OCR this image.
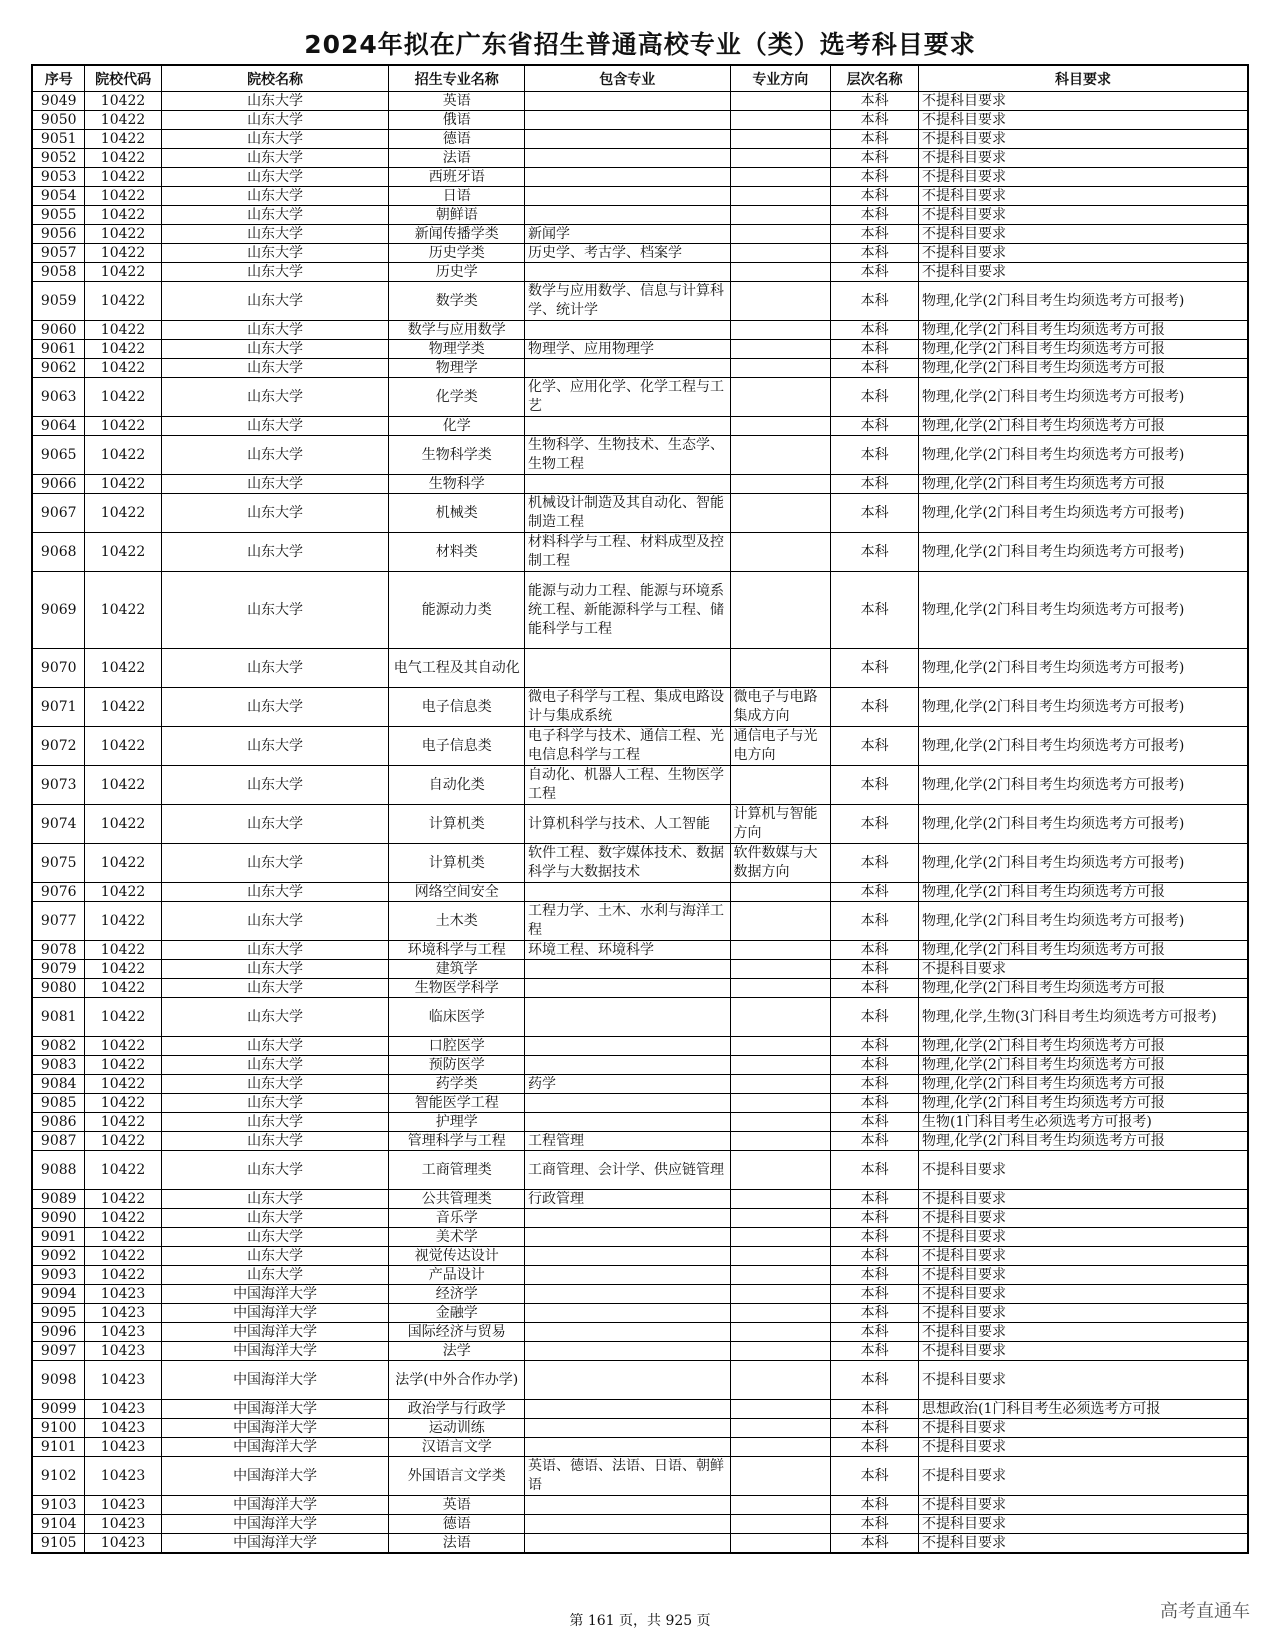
2024年拟在广东省招生普通高校专业（类）选考科目要求
序号	院校代码	院校名称	招生专业名称	包含专业	专业方向	层次名称	科目要求
9049	10422	山东大学	英语			本科	不提科目要求
9050	10422	山东大学	俄语			本科	不提科目要求
9051	10422	山东大学	德语			本科	不提科目要求
9052	10422	山东大学	法语			本科	不提科目要求
9053	10422	山东大学	西班牙语			本科	不提科目要求
9054	10422	山东大学	日语			本科	不提科目要求
9055	10422	山东大学	朝鲜语			本科	不提科目要求
9056	10422	山东大学	新闻传播学类	新闻学		本科	不提科目要求
9057	10422	山东大学	历史学类	历史学、考古学、档案学		本科	不提科目要求
9058	10422	山东大学	历史学			本科	不提科目要求
9059	10422	山东大学	数学类	数学与应用数学、信息与计算科学、统计学		本科	物理,化学(2门科目考生均须选考方可报考)
9060	10422	山东大学	数学与应用数学			本科	物理,化学(2门科目考生均须选考方可报
9061	10422	山东大学	物理学类	物理学、应用物理学		本科	物理,化学(2门科目考生均须选考方可报
9062	10422	山东大学	物理学			本科	物理,化学(2门科目考生均须选考方可报
9063	10422	山东大学	化学类	化学、应用化学、化学工程与工艺		本科	物理,化学(2门科目考生均须选考方可报考)
9064	10422	山东大学	化学			本科	物理,化学(2门科目考生均须选考方可报
9065	10422	山东大学	生物科学类	生物科学、生物技术、生态学、生物工程		本科	物理,化学(2门科目考生均须选考方可报考)
9066	10422	山东大学	生物科学			本科	物理,化学(2门科目考生均须选考方可报
9067	10422	山东大学	机械类	机械设计制造及其自动化、智能制造工程		本科	物理,化学(2门科目考生均须选考方可报考)
9068	10422	山东大学	材料类	材料科学与工程、材料成型及控制工程		本科	物理,化学(2门科目考生均须选考方可报考)
9069	10422	山东大学	能源动力类	能源与动力工程、能源与环境系统工程、新能源科学与工程、储能科学与工程		本科	物理,化学(2门科目考生均须选考方可报考)
9070	10422	山东大学	电气工程及其自动化			本科	物理,化学(2门科目考生均须选考方可报考)
9071	10422	山东大学	电子信息类	微电子科学与工程、集成电路设计与集成系统	微电子与电路集成方向	本科	物理,化学(2门科目考生均须选考方可报考)
9072	10422	山东大学	电子信息类	电子科学与技术、通信工程、光电信息科学与工程	通信电子与光电方向	本科	物理,化学(2门科目考生均须选考方可报考)
9073	10422	山东大学	自动化类	自动化、机器人工程、生物医学工程		本科	物理,化学(2门科目考生均须选考方可报考)
9074	10422	山东大学	计算机类	计算机科学与技术、人工智能	计算机与智能方向	本科	物理,化学(2门科目考生均须选考方可报考)
9075	10422	山东大学	计算机类	软件工程、数字媒体技术、数据科学与大数据技术	软件数媒与大数据方向	本科	物理,化学(2门科目考生均须选考方可报考)
9076	10422	山东大学	网络空间安全			本科	物理,化学(2门科目考生均须选考方可报
9077	10422	山东大学	土木类	工程力学、土木、水利与海洋工程		本科	物理,化学(2门科目考生均须选考方可报考)
9078	10422	山东大学	环境科学与工程	环境工程、环境科学		本科	物理,化学(2门科目考生均须选考方可报
9079	10422	山东大学	建筑学			本科	不提科目要求
9080	10422	山东大学	生物医学科学			本科	物理,化学(2门科目考生均须选考方可报
9081	10422	山东大学	临床医学			本科	物理,化学,生物(3门科目考生均须选考方可报考)
9082	10422	山东大学	口腔医学			本科	物理,化学(2门科目考生均须选考方可报
9083	10422	山东大学	预防医学			本科	物理,化学(2门科目考生均须选考方可报
9084	10422	山东大学	药学类	药学		本科	物理,化学(2门科目考生均须选考方可报
9085	10422	山东大学	智能医学工程			本科	物理,化学(2门科目考生均须选考方可报
9086	10422	山东大学	护理学			本科	生物(1门科目考生必须选考方可报考)
9087	10422	山东大学	管理科学与工程	工程管理		本科	物理,化学(2门科目考生均须选考方可报
9088	10422	山东大学	工商管理类	工商管理、会计学、供应链管理		本科	不提科目要求
9089	10422	山东大学	公共管理类	行政管理		本科	不提科目要求
9090	10422	山东大学	音乐学			本科	不提科目要求
9091	10422	山东大学	美术学			本科	不提科目要求
9092	10422	山东大学	视觉传达设计			本科	不提科目要求
9093	10422	山东大学	产品设计			本科	不提科目要求
9094	10423	中国海洋大学	经济学			本科	不提科目要求
9095	10423	中国海洋大学	金融学			本科	不提科目要求
9096	10423	中国海洋大学	国际经济与贸易			本科	不提科目要求
9097	10423	中国海洋大学	法学			本科	不提科目要求
9098	10423	中国海洋大学	法学(中外合作办学)			本科	不提科目要求
9099	10423	中国海洋大学	政治学与行政学			本科	思想政治(1门科目考生必须选考方可报
9100	10423	中国海洋大学	运动训练			本科	不提科目要求
9101	10423	中国海洋大学	汉语言文学			本科	不提科目要求
9102	10423	中国海洋大学	外国语言文学类	英语、德语、法语、日语、朝鲜语		本科	不提科目要求
9103	10423	中国海洋大学	英语			本科	不提科目要求
9104	10423	中国海洋大学	德语			本科	不提科目要求
9105	10423	中国海洋大学	法语			本科	不提科目要求
第 161 页，共 925 页	高考直通车
